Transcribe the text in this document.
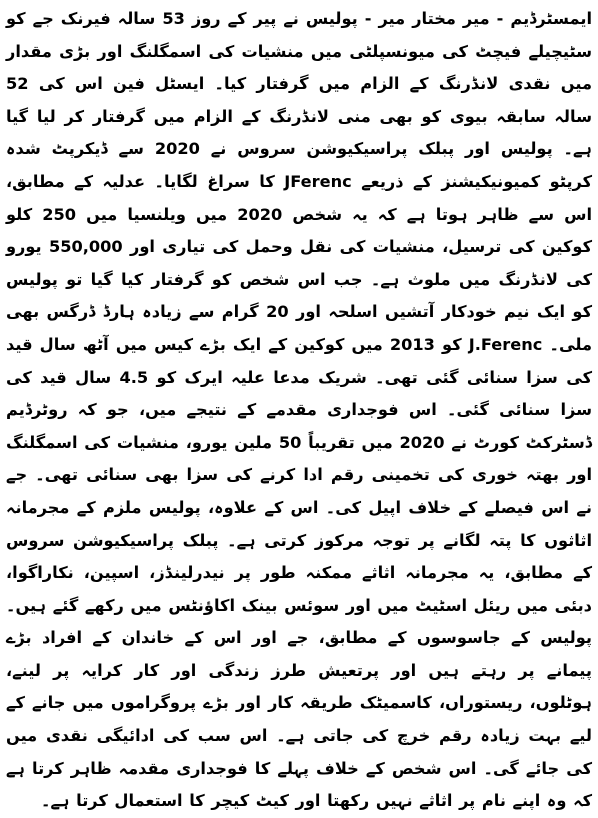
ایمسٹرڈیم - میر مختار میر - پولیس نے پیر کے روز 53 سالہ فیرنک جے کو سٹیچیلے فیچٹ کی میونسپلٹی میں منشیات کی اسمگلنگ اور بڑی مقدار میں نقدی لانڈرنگ کے الزام میں گرفتار کیا۔ ایسٹل فین اس کی 52 سالہ سابقہ بیوی کو بھی منی لانڈرنگ کے الزام میں گرفتار کر لیا گیا ہے۔ پولیس اور پبلک پراسیکیوشن سروس نے 2020 سے ڈیکرپٹ شدہ کرپٹو کمیونیکیشنز کے ذریعے JFerenc کا سراغ لگایا۔ عدلیہ کے مطابق، اس سے ظاہر ہوتا ہے کہ یہ شخص 2020 میں ویلنسیا میں 250 کلو کوکین کی ترسیل، منشیات کی نقل وحمل کی تیاری اور 550,000 یورو کی لانڈرنگ میں ملوث ہے۔ جب اس شخص کو گرفتار کیا گیا تو پولیس کو ایک نیم خودکار آتشیں اسلحہ اور 20 گرام سے زیادہ ہارڈ ڈرگس بھی ملی۔ J.Ferenc کو 2013 میں کوکین کے ایک بڑے کیس میں آٹھ سال قید کی سزا سنائی گئی تھی۔ شریک مدعا علیہ ایرک کو 4.5 سال قید کی سزا سنائی گئی۔ اس فوجداری مقدمے کے نتیجے میں، جو کہ روٹرڈیم ڈسٹرکٹ کورٹ نے 2020 میں تقریباً 50 ملین یورو، منشیات کی اسمگلنگ اور بھتہ خوری کی تخمینی رقم ادا کرنے کی سزا بھی سنائی تھی۔ جے نے اس فیصلے کے خلاف اپیل کی۔ اس کے علاوہ، پولیس ملزم کے مجرمانہ اثاثوں کا پتہ لگانے پر توجہ مرکوز کرتی ہے۔ پبلک پراسیکیوشن سروس کے مطابق، یہ مجرمانہ اثاثے ممکنہ طور پر نیدرلینڈز، اسپین، نکاراگوا، دبئی میں ریئل اسٹیٹ میں اور سوئس بینک اکاؤنٹس میں رکھے گئے ہیں۔ پولیس کے جاسوسوں کے مطابق، جے اور اس کے خاندان کے افراد بڑے پیمانے پر رہتے ہیں اور پرتعیش طرز زندگی اور کار کرایہ پر لینے، ہوٹلوں، ریستوراں، کاسمیٹک طریقہ کار اور بڑے پروگراموں میں جانے کے لیے بہت زیادہ رقم خرچ کی جاتی ہے۔ اس سب کی ادائیگی نقدی میں کی جائے گی۔ اس شخص کے خلاف پہلے کا فوجداری مقدمہ ظاہر کرتا ہے کہ وہ اپنے نام پر اثاثے نہیں رکھتا اور کیٹ کیچر کا استعمال کرتا ہے۔
